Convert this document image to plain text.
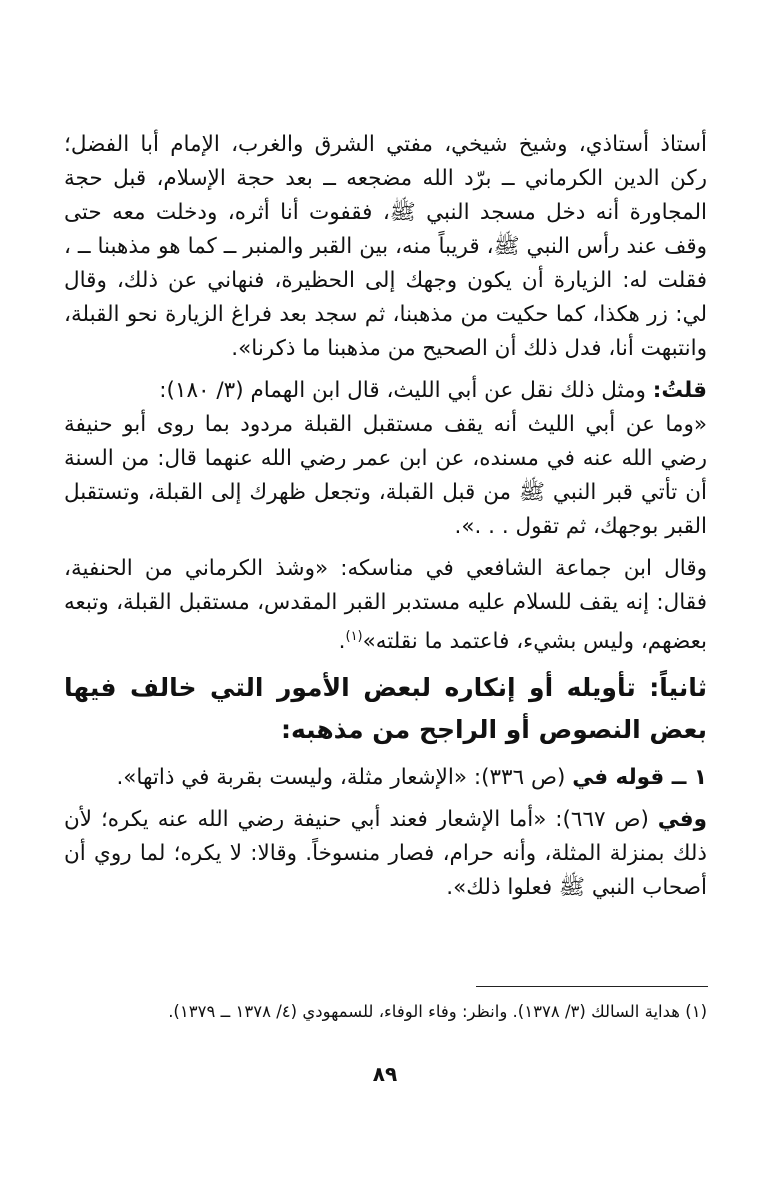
أستاذ أستاذي، وشيخ شيخي، مفتي الشرق والغرب، الإمام أبا الفضل؛ ركن الدين الكرماني ــ برّد الله مضجعه ــ بعد حجة الإسلام، قبل حجة المجاورة أنه دخل مسجد النبي ﷺ، فقفوت أنا أثره، ودخلت معه حتى وقف عند رأس النبي ﷺ، قريباً منه، بين القبر والمنبر ــ كما هو مذهبنا ــ ، فقلت له: الزيارة أن يكون وجهك إلى الحظيرة، فنهاني عن ذلك، وقال لي: زر هكذا، كما حكيت من مذهبنا، ثم سجد بعد فراغ الزيارة نحو القبلة، وانتبهت أنا، فدل ذلك أن الصحيح من مذهبنا ما ذكرنا».

قلتُ: ومثل ذلك نقل عن أبي الليث، قال ابن الهمام (٣/ ١٨٠):
«وما عن أبي الليث أنه يقف مستقبل القبلة مردود بما روى أبو حنيفة رضي الله عنه في مسنده، عن ابن عمر رضي الله عنهما قال: من السنة أن تأتي قبر النبي ﷺ من قبل القبلة، وتجعل ظهرك إلى القبلة، وتستقبل القبر بوجهك، ثم تقول . . .».

وقال ابن جماعة الشافعي في مناسكه: «وشذ الكرماني من الحنفية، فقال: إنه يقف للسلام عليه مستدبر القبر المقدس، مستقبل القبلة، وتبعه بعضهم، وليس بشيء، فاعتمد ما نقلته»$^{(١)}$.

ثانياً: تأويله أو إنكاره لبعض الأمور التي خالف فيها بعض النصوص أو الراجح من مذهبه:

١ ــ قوله في (ص ٣٣٦): «الإشعار مثلة، وليست بقربة في ذاتها».

وفي (ص ٦٦٧): «أما الإشعار فعند أبي حنيفة رضي الله عنه يكره؛ لأن ذلك بمنزلة المثلة، وأنه حرام، فصار منسوخاً. وقالا: لا يكره؛ لما روي أن أصحاب النبي ﷺ فعلوا ذلك».

(١) هداية السالك (٣/ ١٣٧٨). وانظر: وفاء الوفاء، للسمهودي (٤/ ١٣٧٨ ــ ١٣٧٩).
٨٩
